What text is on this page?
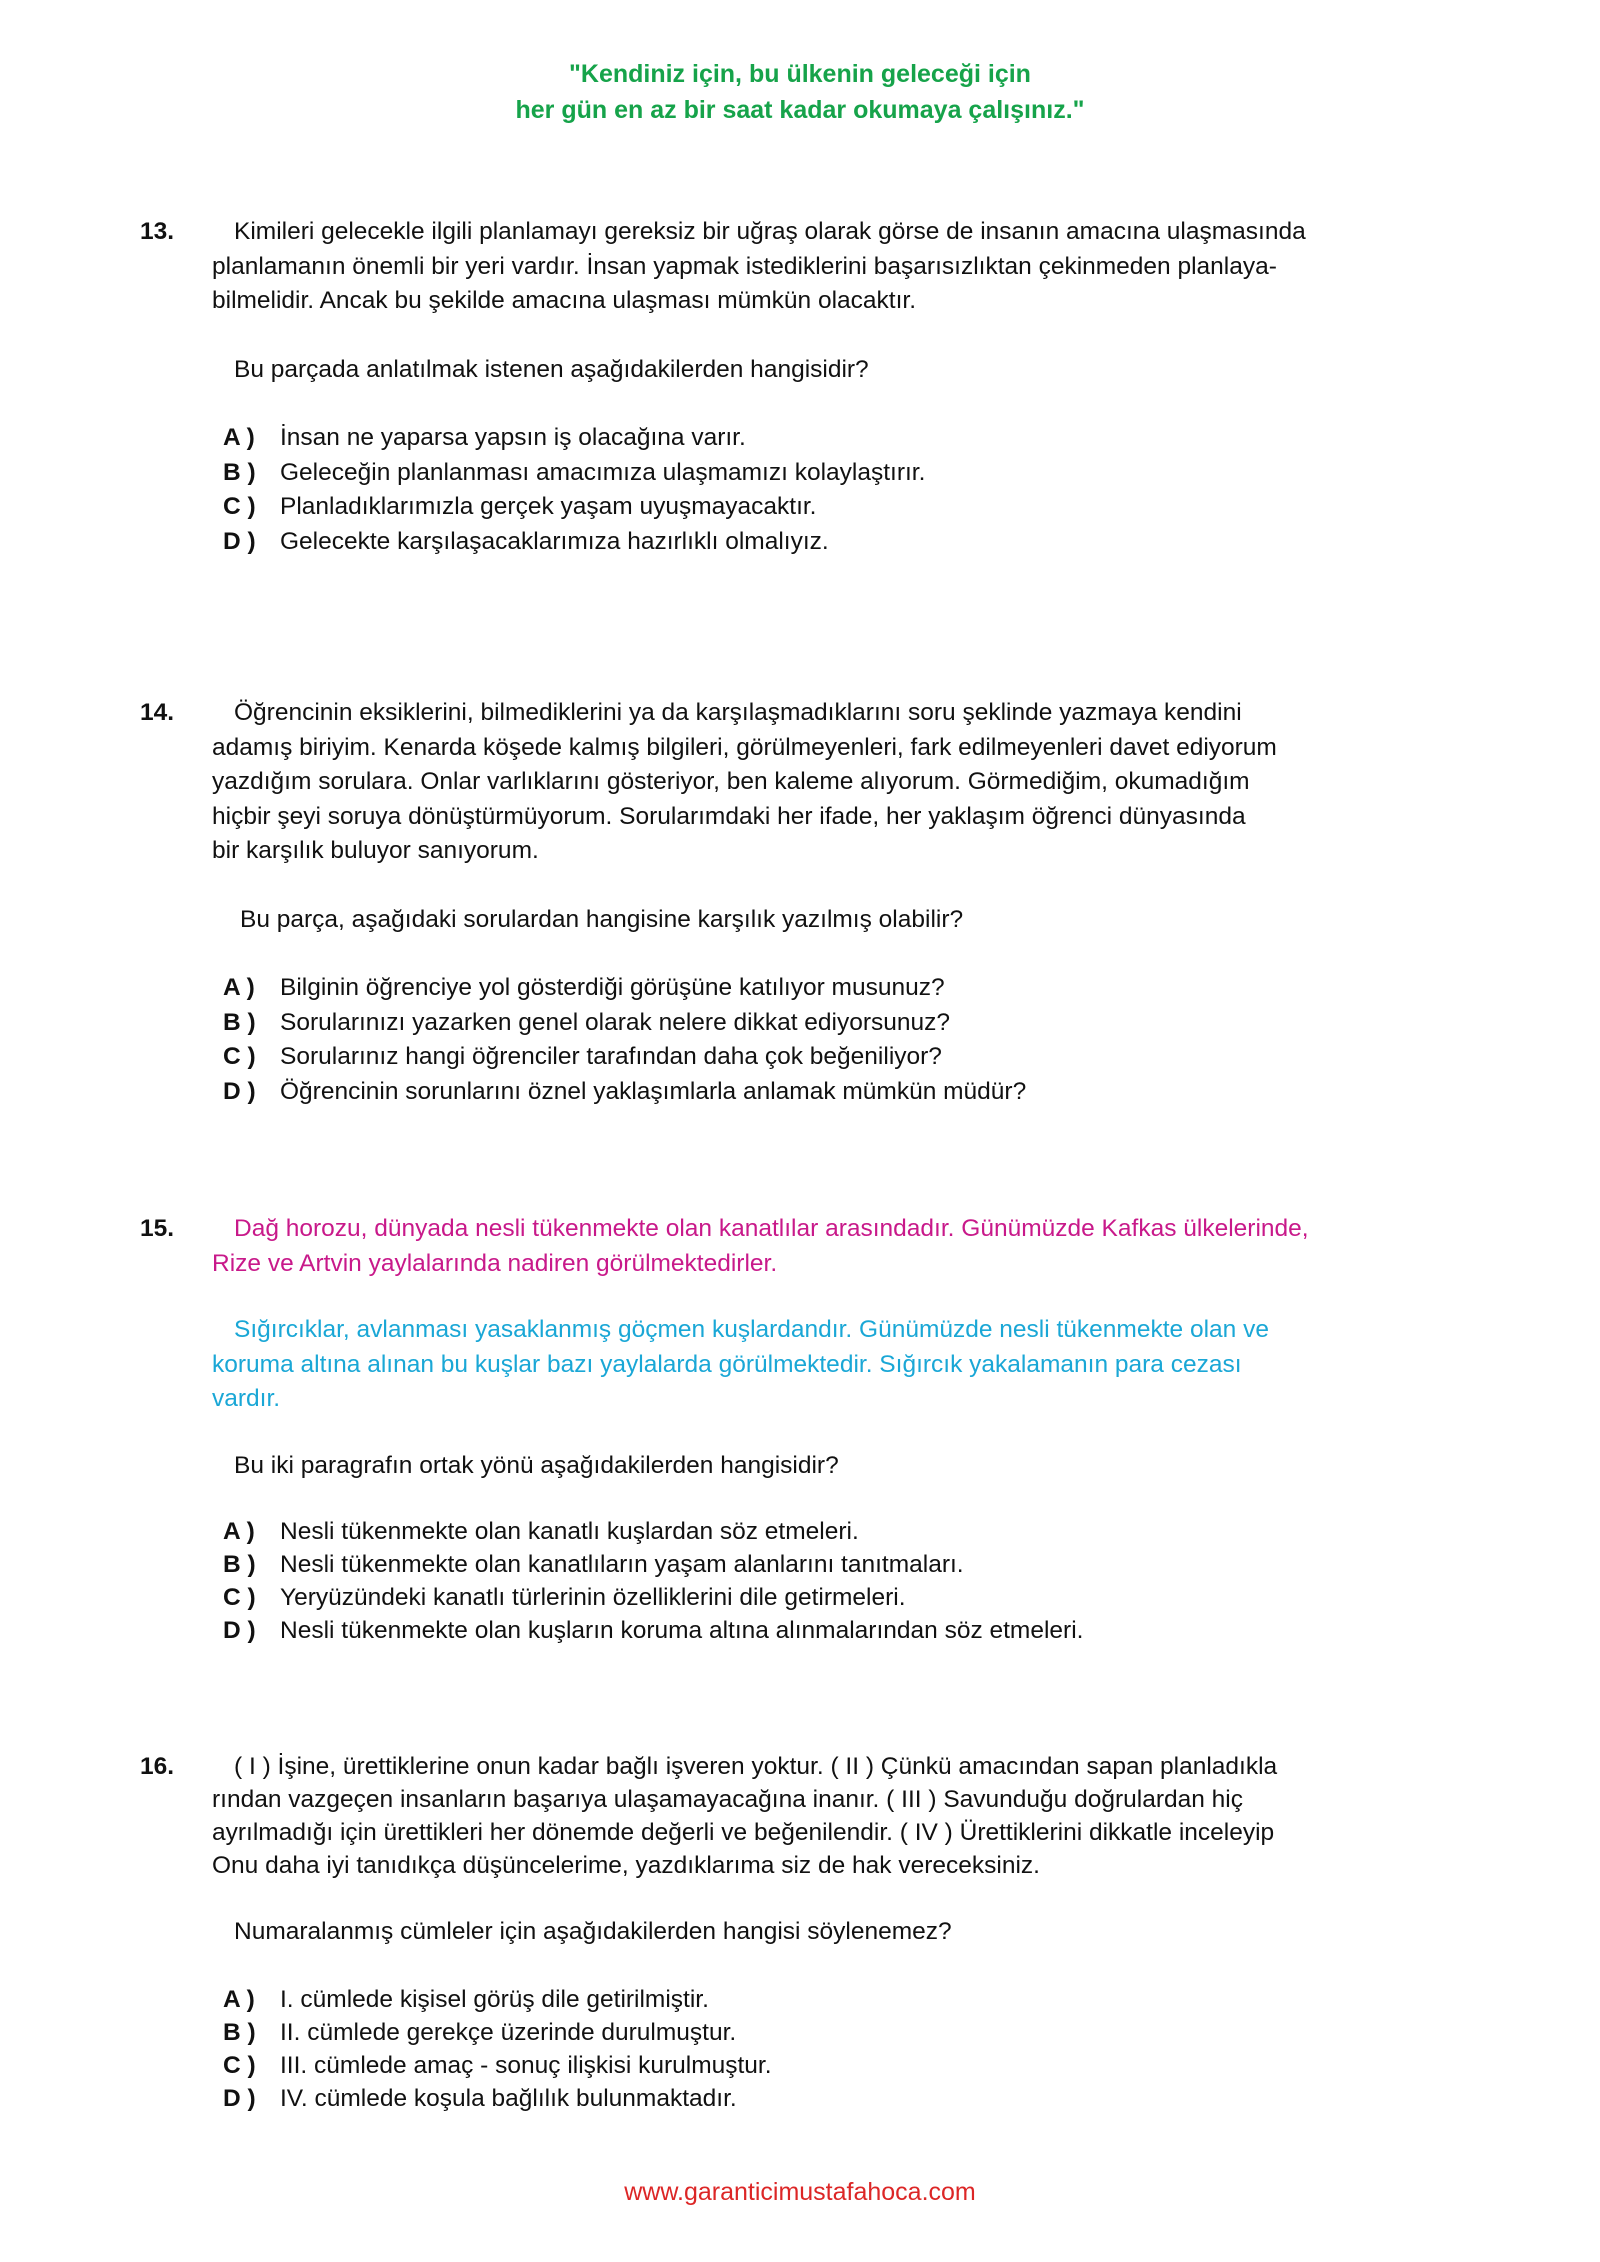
"Kendiniz için, bu ülkenin geleceği için
her gün en az bir saat kadar okumaya çalışınız."
13.	Kimileri gelecekle ilgili planlamayı gereksiz bir uğraş olarak görse de insanın amacına ulaşmasında

planlamanın önemli bir yeri vardır. İnsan yapmak istediklerini başarısızlıktan çekinmeden planlaya-

bilmelidir. Ancak bu şekilde amacına ulaşması mümkün olacaktır.

Bu parçada anlatılmak istenen aşağıdakilerden hangisidir?

A )	İnsan ne yaparsa yapsın iş olacağına varır.
B ) Geleceğin planlanması amacımıza ulaşmamızı kolaylaştırır.
C ) Planladıklarımızla gerçek yaşam uyuşmayacaktır.
D ) Gelecekte karşılaşacaklarımıza hazırlıklı olmalıyız.
14.	Öğrencinin eksiklerini, bilmediklerini ya da karşılaşmadıklarını soru şeklinde yazmaya kendini

adamış biriyim. Kenarda köşede kalmış bilgileri, görülmeyenleri, fark edilmeyenleri davet ediyorum

yazdığım sorulara. Onlar varlıklarını gösteriyor, ben kaleme alıyorum. Görmediğim, okumadığım

hiçbir şeyi soruya dönüştürmüyorum. Sorularımdaki her ifade, her yaklaşım öğrenci dünyasında

bir karşılık buluyor sanıyorum.

Bu parça, aşağıdaki sorulardan hangisine karşılık yazılmış olabilir?

A )	Bilginin öğrenciye yol gösterdiği görüşüne katılıyor musunuz?
B ) Sorularınızı yazarken genel olarak nelere dikkat ediyorsunuz?
C ) Sorularınız hangi öğrenciler tarafından daha çok beğeniliyor?
D ) Öğrencinin sorunlarını öznel yaklaşımlarla anlamak mümkün müdür?
15.	Dağ horozu, dünyada nesli tükenmekte olan kanatlılar arasındadır. Günümüzde Kafkas ülkelerinde,

Rize ve Artvin yaylalarında nadiren görülmektedirler.

Sığırcıklar, avlanması yasaklanmış göçmen kuşlardandır. Günümüzde nesli tükenmekte olan ve

koruma altına alınan bu kuşlar bazı yaylalarda görülmektedir. Sığırcık yakalamanın para cezası

vardır.

Bu iki paragrafın ortak yönü aşağıdakilerden hangisidir?

A )	Nesli tükenmekte olan kanatlı kuşlardan söz etmeleri.
B ) Nesli tükenmekte olan kanatlıların yaşam alanlarını tanıtmaları.
C ) Yeryüzündeki kanatlı türlerinin özelliklerini dile getirmeleri.
D ) Nesli tükenmekte olan kuşların koruma altına alınmalarından söz etmeleri.
16.	( I ) İşine, ürettiklerine onun kadar bağlı işveren yoktur. ( II ) Çünkü amacından sapan planladıkla

rından vazgeçen insanların başarıya ulaşamayacağına inanır. ( III ) Savunduğu doğrulardan hiç

ayrılmadığı için ürettikleri her dönemde değerli ve beğenilendir. ( IV ) Ürettiklerini dikkatle inceleyip

Onu daha iyi tanıdıkça düşüncelerime, yazdıklarıma siz de hak vereceksiniz.

Numaralanmış cümleler için aşağıdakilerden hangisi söylenemez?

A )	I. cümlede kişisel görüş dile getirilmiştir.
B ) II. cümlede gerekçe üzerinde durulmuştur.
C ) III. cümlede amaç - sonuç ilişkisi kurulmuştur.
D ) IV. cümlede koşula bağlılık bulunmaktadır.
www.garanticimustafahoca.com
